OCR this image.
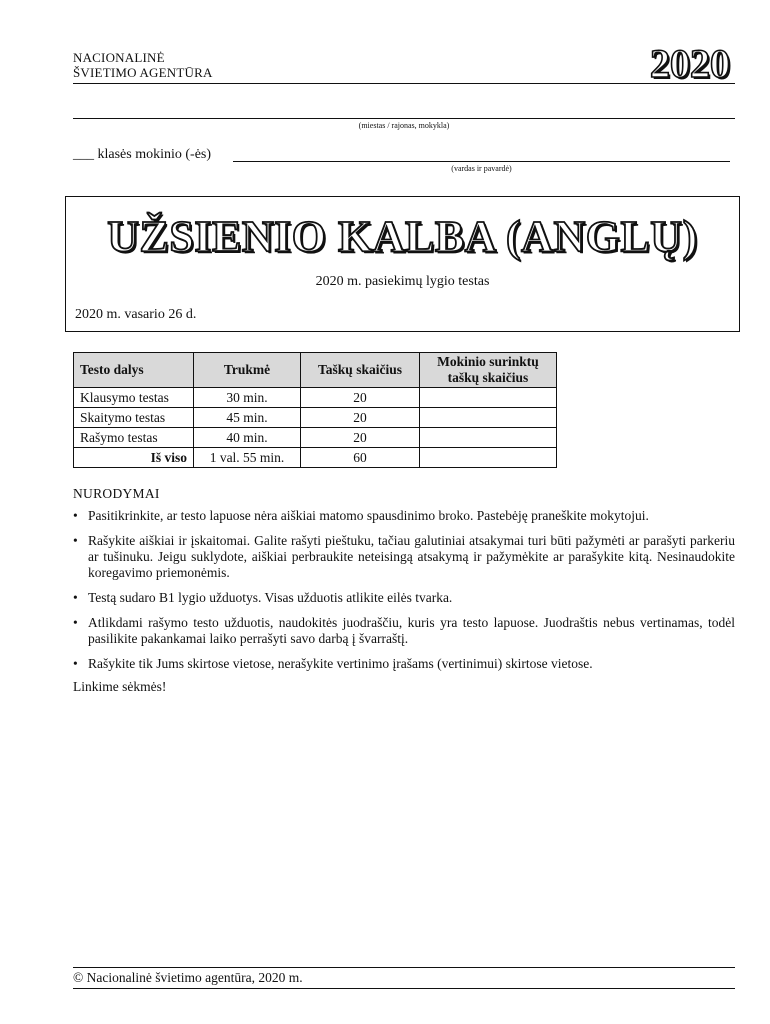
NACIONALINĖ
ŠVIETIMO AGENTŪRA	2020
(miestas / rajonas, mokykla)
___ klasės mokinio (-ės)
(vardas ir pavardė)
UŽSIENIO KALBA (ANGLŲ)
2020 m. pasiekimų lygio testas
2020 m. vasario 26 d.
Testo dalys	Trukmė	Taškų skaičius	Mokinio surinktų taškų skaičius
Klausymo testas	30 min.	20	
Skaitymo testas	45 min.	20	
Rašymo testas	40 min.	20	
Iš viso	1 val. 55 min.	60	
NURODYMAI
• Pasitikrinkite, ar testo lapuose nėra aiškiai matomo spausdinimo broko. Pastebėję praneškite mokytojui.
• Rašykite aiškiai ir įskaitomai. Galite rašyti pieštuku, tačiau galutiniai atsakymai turi būti pažymėti ar parašyti parkeriu ar tušinuku. Jeigu suklydote, aiškiai perbraukite neteisingą atsakymą ir pažymėkite ar parašykite kitą. Nesinaudokite koregavimo priemonėmis.
• Testą sudaro B1 lygio užduotys. Visas užduotis atlikite eilės tvarka.
• Atlikdami rašymo testo užduotis, naudokitės juodraščiu, kuris yra testo lapuose. Juodraštis nebus vertinamas, todėl pasilikite pakankamai laiko perrašyti savo darbą į švarraštį.
• Rašykite tik Jums skirtose vietose, nerašykite vertinimo įrašams (vertinimui) skirtose vietose.
Linkime sėkmės!
© Nacionalinė švietimo agentūra, 2020 m.
